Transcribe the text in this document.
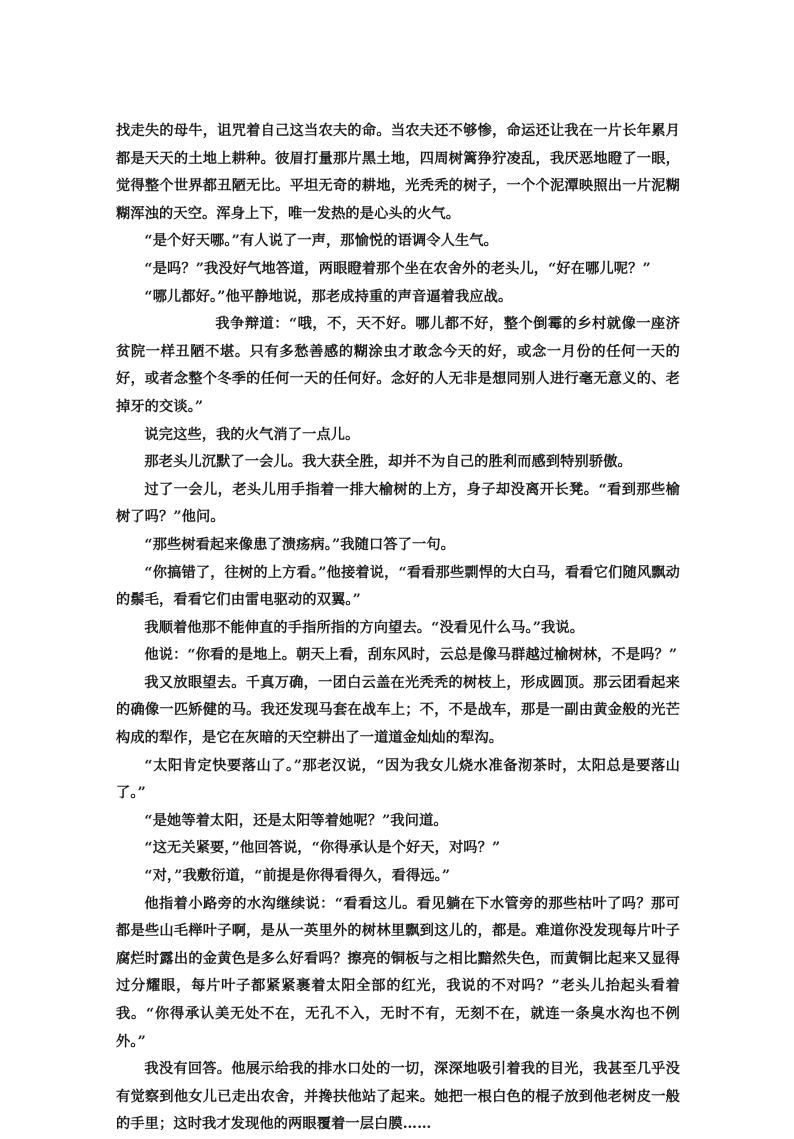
找走失的母牛，诅咒着自己这当农夫的命。当农夫还不够惨，命运还让我在一片长年累月都是天天的土地上耕种。彼眉打量那片黑土地，四周树篱狰狞凌乱，我厌恶地瞪了一眼，觉得整个世界都丑陋无比。平坦无奇的耕地，光秃秃的树子，一个个泥潭映照出一片泥糊糊浑浊的天空。浑身上下，唯一发热的是心头的火气。

“是个好天哪。”有人说了一声，那愉悦的语调令人生气。

“是吗？”我没好气地答道，两眼瞪着那个坐在农舍外的老头儿，“好在哪儿呢？”

“哪儿都好。”他平静地说，那老成持重的声音逼着我应战。

我争辩道：“哦，不，天不好。哪儿都不好，整个倒霉的乡村就像一座济贫院一样丑陋不堪。只有多愁善感的糊涂虫才敢念今天的好，或念一月份的任何一天的好，或者念整个冬季的任何一天的任何好。念好的人无非是想同别人进行毫无意义的、老掉牙的交谈。”

说完这些，我的火气消了一点儿。

那老头儿沉默了一会儿。我大获全胜，却并不为自己的胜利而感到特别骄傲。

过了一会儿，老头儿用手指着一排大榆树的上方，身子却没离开长凳。“看到那些榆树了吗？”他问。

“那些树看起来像患了溃疡病。”我随口答了一句。

“你搞错了，往树的上方看。”他接着说，“看看那些剽悍的大白马，看看它们随风飘动的鬃毛，看看它们由雷电驱动的双翼。”

我顺着他那不能伸直的手指所指的方向望去。“没看见什么马。”我说。

他说：“你看的是地上。朝天上看，刮东风时，云总是像马群越过榆树林，不是吗？”

我又放眼望去。千真万确，一团白云盖在光秃秃的树枝上，形成圆顶。那云团看起来的确像一匹矫健的马。我还发现马套在战车上；不，不是战车，那是一副由黄金般的光芒构成的犁作，是它在灰暗的天空耕出了一道道金灿灿的犁沟。

“太阳肯定快要落山了。”那老汉说，“因为我女儿烧水准备沏茶时，太阳总是要落山了。”

“是她等着太阳，还是太阳等着她呢？”我问道。

“这无关紧要，”他回答说，“你得承认是个好天，对吗？”

“对，”我敷衍道，“前提是你得看得久，看得远。”

他指着小路旁的水沟继续说：“看看这儿。看见躺在下水管旁的那些枯叶了吗？那可都是些山毛榉叶子啊，是从一英里外的树林里飘到这儿的，都是。难道你没发现每片叶子腐烂时露出的金黄色是多么好看吗？擦亮的铜板与之相比黯然失色，而黄铜比起来又显得过分耀眼，每片叶子都紧紧裹着太阳全部的红光，我说的不对吗？”老头儿抬起头看着我。“你得承认美无处不在，无孔不入，无时不有，无刻不在，就连一条臭水沟也不例外。”

我没有回答。他展示给我的排水口处的一切，深深地吸引着我的目光，我甚至几乎没有觉察到他女儿已走出农舍，并搀扶他站了起来。她把一根白色的棍子放到他老树皮一般的手里；这时我才发现他的两眼覆着一层白膜……
